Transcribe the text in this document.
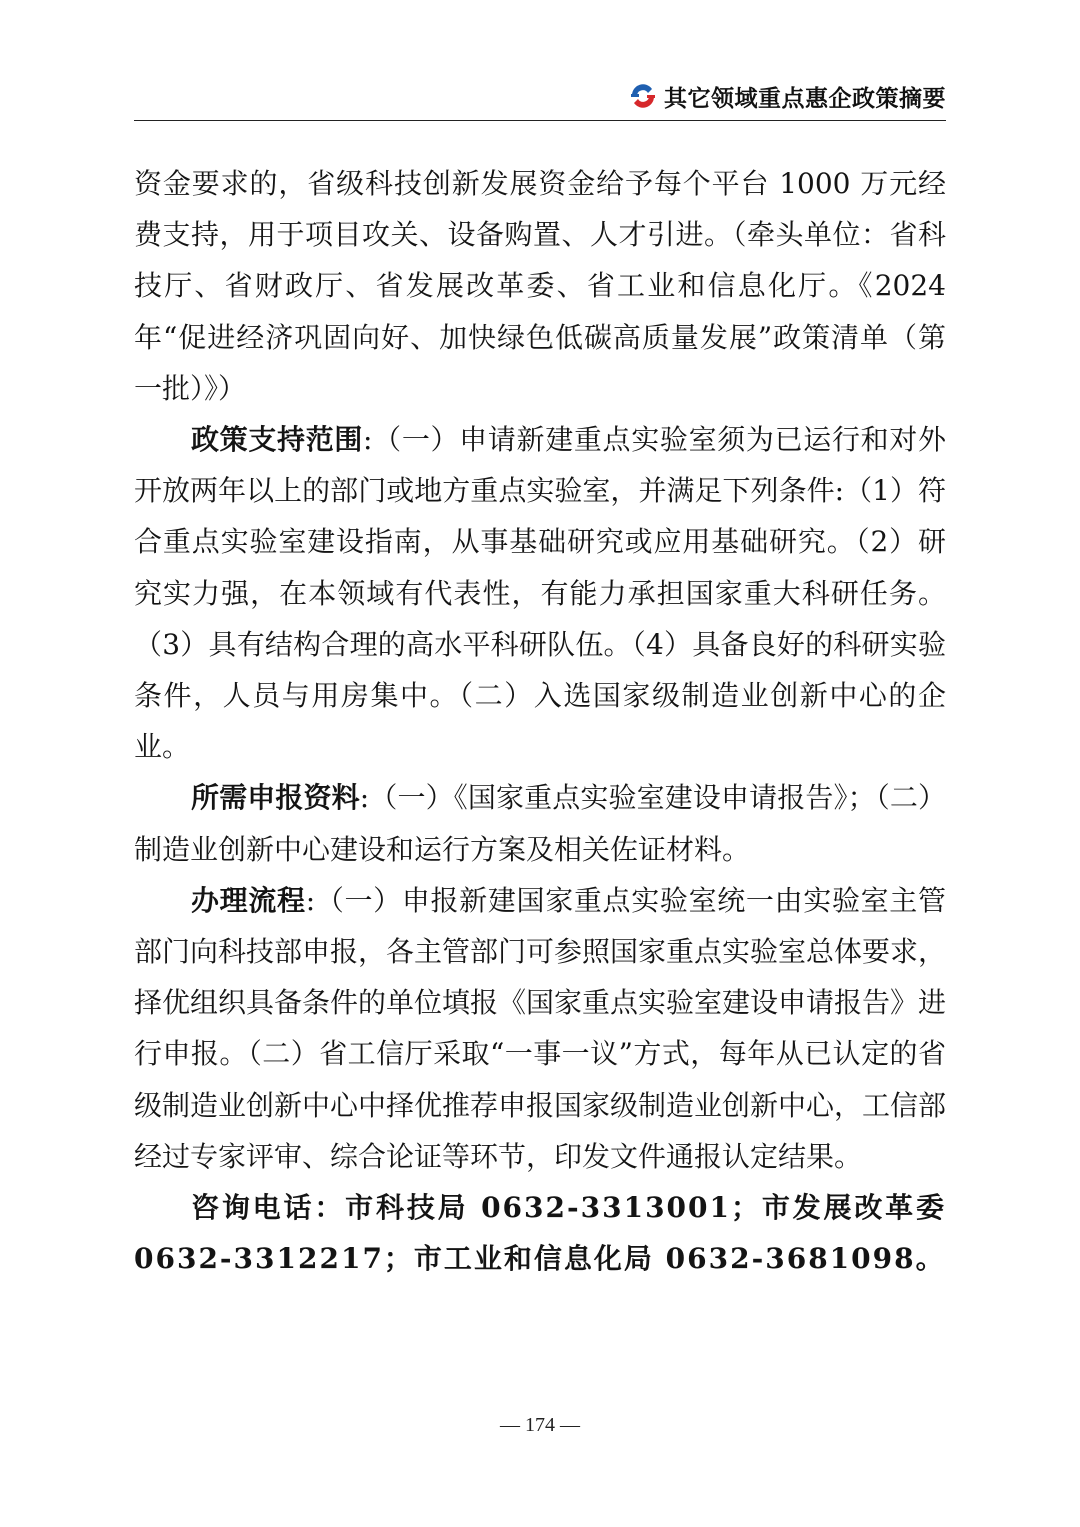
其它领域重点惠企政策摘要

资金要求的，省级科技创新发展资金给予每个平台 1000 万元经费支持，用于项目攻关、设备购置、人才引进。（牵头单位：省科技厅、省财政厅、省发展改革委、省工业和信息化厅。《2024年“促进经济巩固向好、加快绿色低碳高质量发展”政策清单（第一批）》）

政策支持范围:（一）申请新建重点实验室须为已运行和对外开放两年以上的部门或地方重点实验室，并满足下列条件:（1）符合重点实验室建设指南，从事基础研究或应用基础研究。（2）研究实力强，在本领域有代表性，有能力承担国家重大科研任务。（3）具有结构合理的高水平科研队伍。（4）具备良好的科研实验条件，人员与用房集中。（二）入选国家级制造业创新中心的企业。

所需申报资料:（一）《国家重点实验室建设申请报告》；（二）制造业创新中心建设和运行方案及相关佐证材料。

办理流程:（一）申报新建国家重点实验室统一由实验室主管部门向科技部申报，各主管部门可参照国家重点实验室总体要求，择优组织具备条件的单位填报《国家重点实验室建设申请报告》进行申报。（二）省工信厅采取“一事一议”方式，每年从已认定的省级制造业创新中心中择优推荐申报国家级制造业创新中心，工信部经过专家评审、综合论证等环节，印发文件通报认定结果。

咨询电话：市科技局 0632-3313001；市发展改革委 0632-3312217；市工业和信息化局 0632-3681098。

— 174 —
